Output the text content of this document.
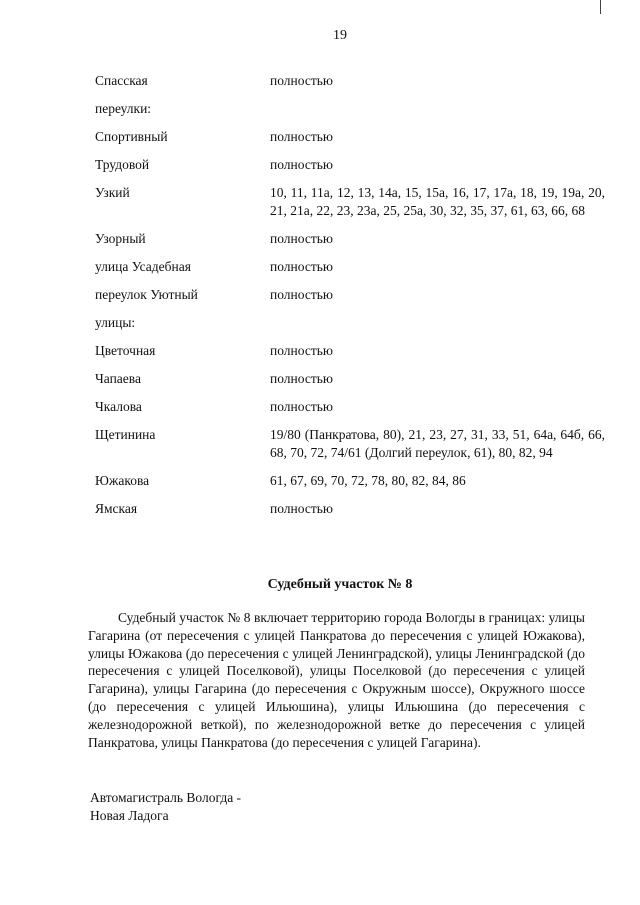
19
Спасская	полностью
переулки:
Спортивный	полностью
Трудовой	полностью
Узкий	10, 11, 11а, 12, 13, 14а, 15, 15а, 16, 17, 17а, 18, 19, 19а, 20, 21, 21а, 22, 23, 23а, 25, 25а, 30, 32, 35, 37, 61, 63, 66, 68
Узорный	полностью
улица Усадебная	полностью
переулок Уютный	полностью
улицы:
Цветочная	полностью
Чапаева	полностью
Чкалова	полностью
Щетинина	19/80 (Панкратова, 80), 21, 23, 27, 31, 33, 51, 64а, 64б, 66, 68, 70, 72, 74/61 (Долгий переулок, 61), 80, 82, 94
Южакова	61, 67, 69, 70, 72, 78, 80, 82, 84, 86
Ямская	полностью
Судебный участок № 8

Судебный участок № 8 включает территорию города Вологды в границах: улицы Гагарина (от пересечения с улицей Панкратова до пересечения с улицей Южакова), улицы Южакова (до пересечения с улицей Ленинградской), улицы Ленинградской (до пересечения с улицей Поселковой), улицы Поселковой (до пересечения с улицей Гагарина), улицы Гагарина (до пересечения с Окружным шоссе), Окружного шоссе (до пересечения с улицей Ильюшина), улицы Ильюшина (до пересечения с железнодорожной веткой), по железнодорожной ветке до пересечения с улицей Панкратова, улицы Панкратова (до пересечения с улицей Гагарина).

Автомагистраль Вологда -
Новая Ладога
